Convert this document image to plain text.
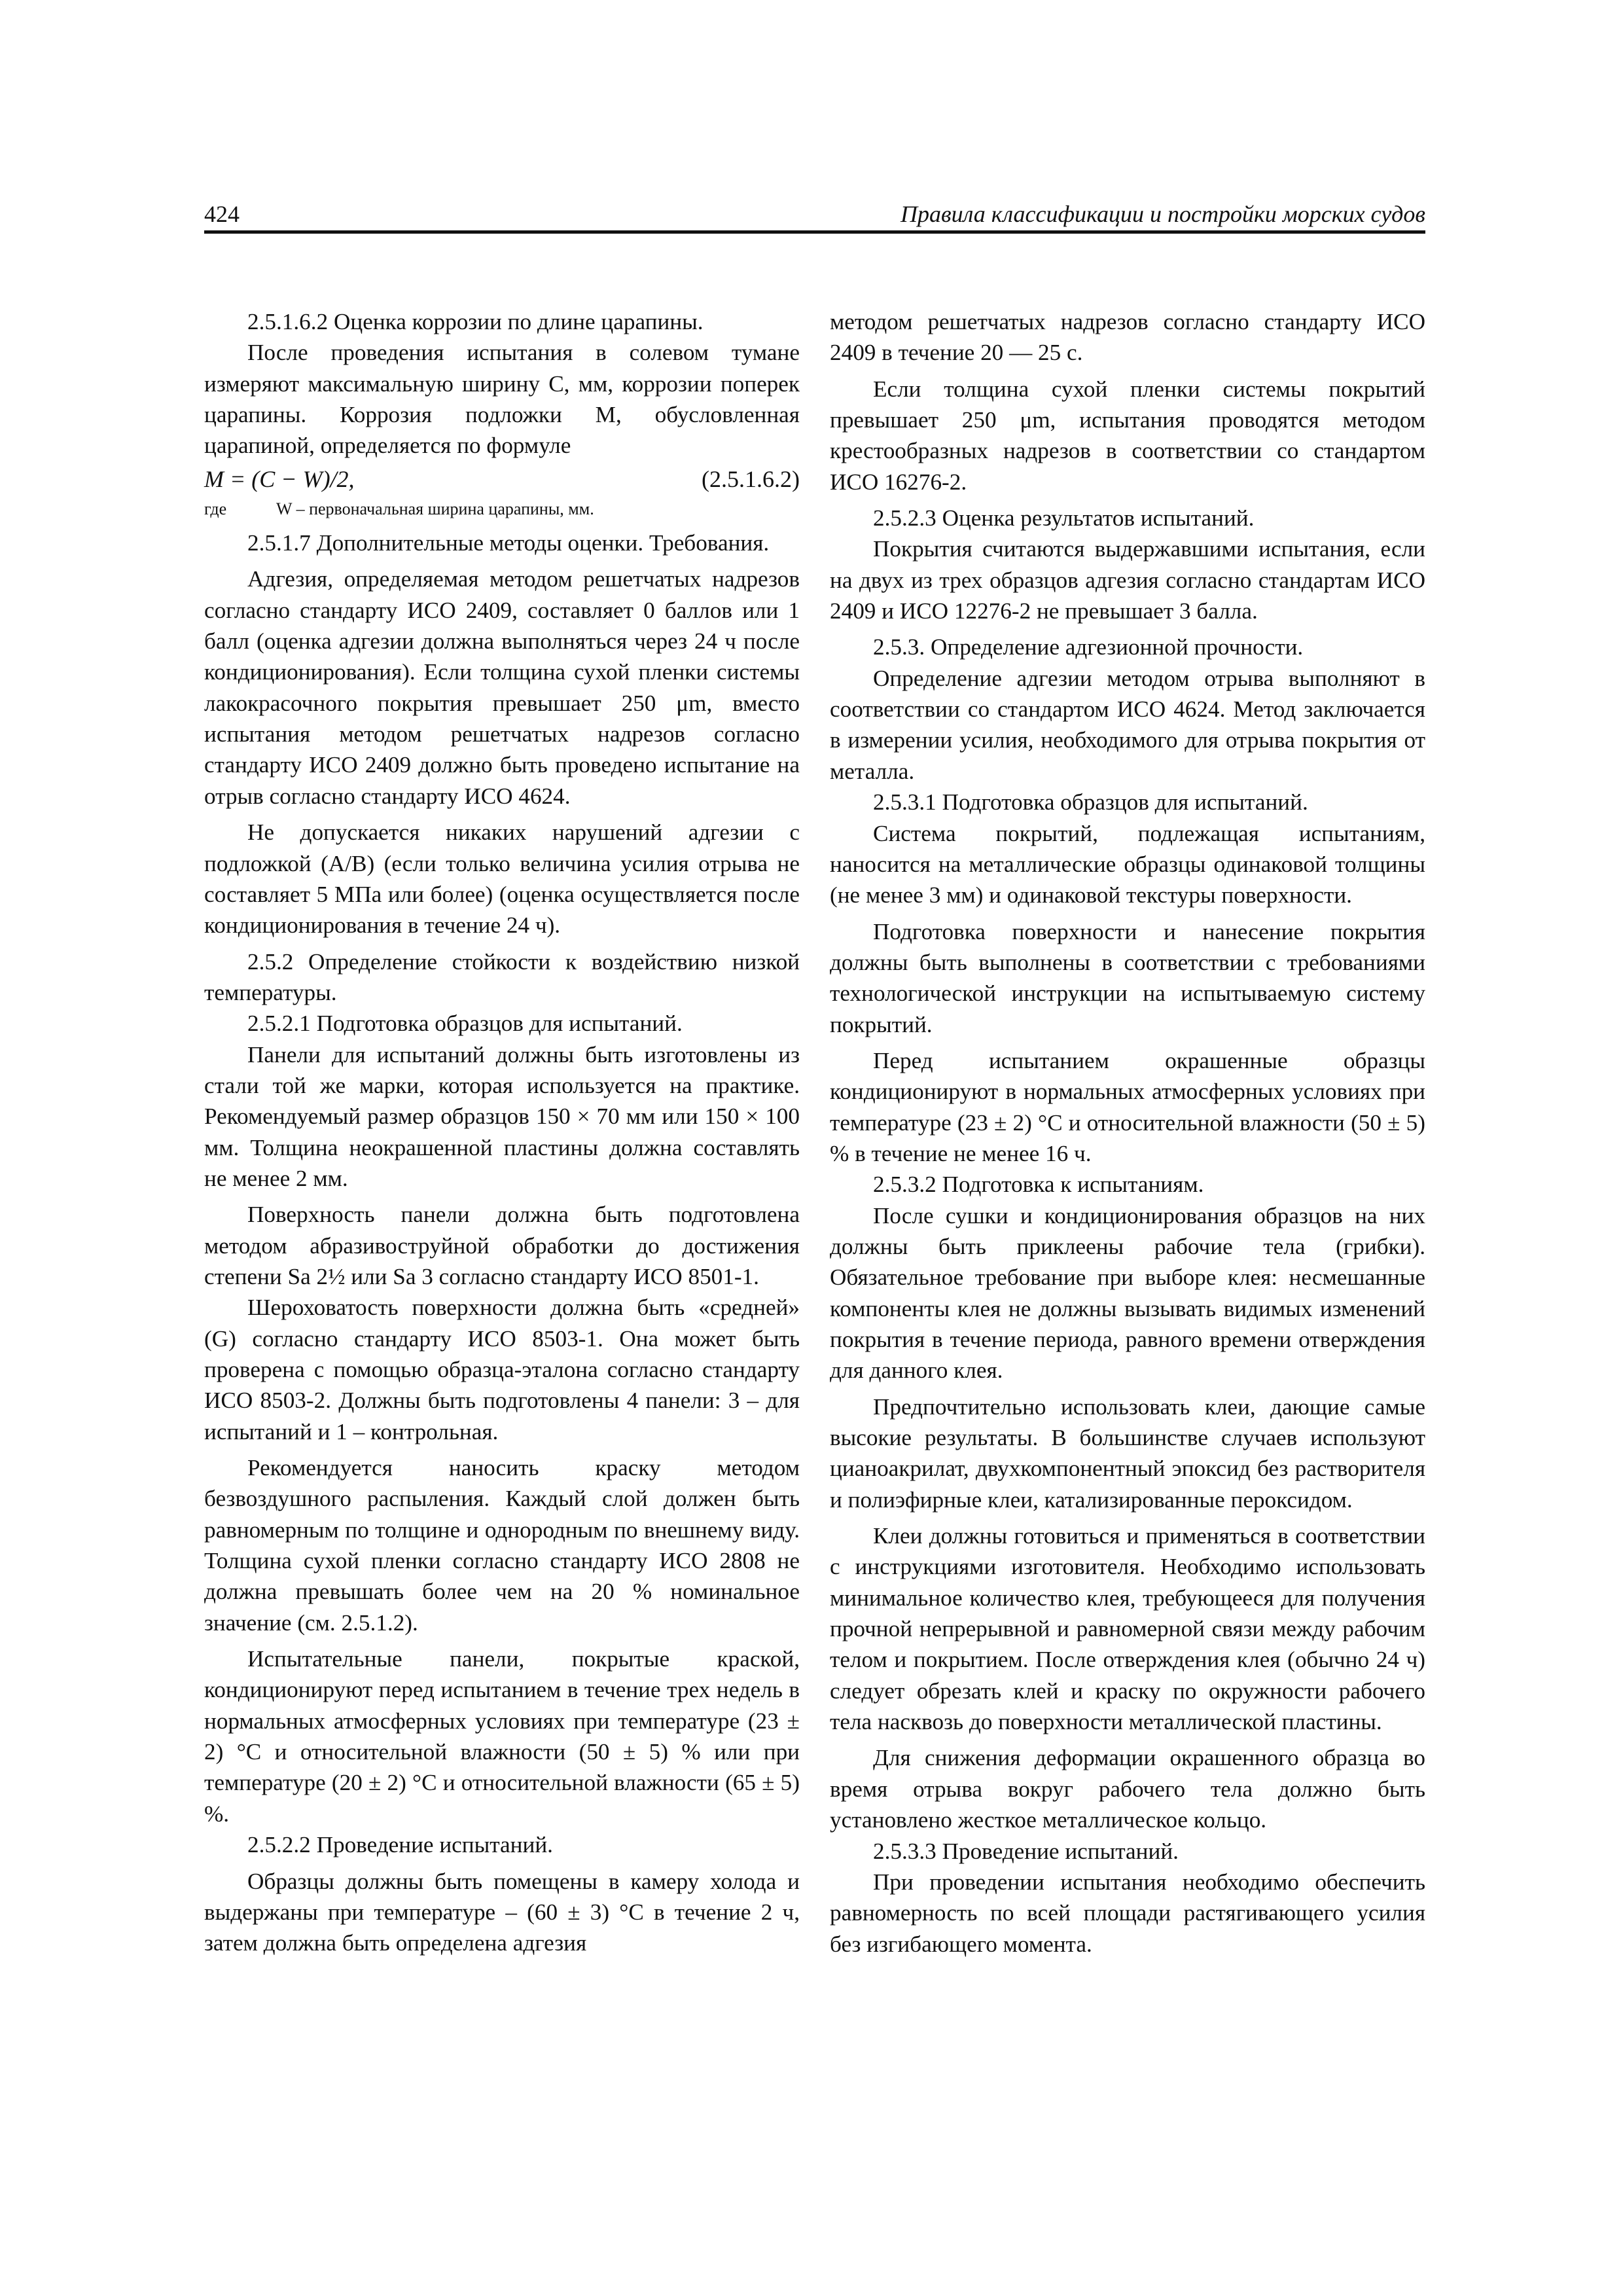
424	Правила классификации и постройки морских судов

2.5.1.6.2 Оценка коррозии по длине царапины.

После проведения испытания в солевом тумане измеряют максимальную ширину C, мм, коррозии поперек царапины. Коррозия подложки M, обусловленная царапиной, определяется по формуле

M = (C − W)/2,	(2.5.1.6.2)
где	W – первоначальная ширина царапины, мм.

2.5.1.7 Дополнительные методы оценки. Требования.

Адгезия, определяемая методом решетчатых надрезов согласно стандарту ИСО 2409, составляет 0 баллов или 1 балл (оценка адгезии должна выполняться через 24 ч после кондиционирования). Если толщина сухой пленки системы лакокрасочного покрытия превышает 250 μm, вместо испытания методом решетчатых надрезов согласно стандарту ИСО 2409 должно быть проведено испытание на отрыв согласно стандарту ИСО 4624.

Не допускается никаких нарушений адгезии с подложкой (A/B) (если только величина усилия отрыва не составляет 5 МПа или более) (оценка осуществляется после кондиционирования в течение 24 ч).

2.5.2 Определение стойкости к воздействию низкой температуры.

2.5.2.1 Подготовка образцов для испытаний.

Панели для испытаний должны быть изготовлены из стали той же марки, которая используется на практике. Рекомендуемый размер образцов 150 × 70 мм или 150 × 100 мм. Толщина неокрашенной пластины должна составлять не менее 2 мм.

Поверхность панели должна быть подготовлена методом абразивоструйной обработки до достижения степени Sa 2½ или Sa 3 согласно стандарту ИСО 8501-1.

Шероховатость поверхности должна быть «средней» (G) согласно стандарту ИСО 8503-1. Она может быть проверена с помощью образца-эталона согласно стандарту ИСО 8503-2. Должны быть подготовлены 4 панели: 3 – для испытаний и 1 – контрольная.

Рекомендуется наносить краску методом безвоздушного распыления. Каждый слой должен быть равномерным по толщине и однородным по внешнему виду. Толщина сухой пленки согласно стандарту ИСО 2808 не должна превышать более чем на 20 % номинальное значение (см. 2.5.1.2).

Испытательные панели, покрытые краской, кондиционируют перед испытанием в течение трех недель в нормальных атмосферных условиях при температуре (23 ± 2) °C и относительной влажности (50 ± 5) % или при температуре (20 ± 2) °C и относительной влажности (65 ± 5) %.

2.5.2.2 Проведение испытаний.

Образцы должны быть помещены в камеру холода и выдержаны при температуре – (60 ± 3) °C в течение 2 ч, затем должна быть определена адгезия

методом решетчатых надрезов согласно стандарту ИСО 2409 в течение 20 — 25 с.

Если толщина сухой пленки системы покрытий превышает 250 μm, испытания проводятся методом крестообразных надрезов в соответствии со стандартом ИСО 16276-2.

2.5.2.3 Оценка результатов испытаний.

Покрытия считаются выдержавшими испытания, если на двух из трех образцов адгезия согласно стандартам ИСО 2409 и ИСО 12276-2 не превышает 3 балла.

2.5.3. Определение адгезионной прочности.

Определение адгезии методом отрыва выполняют в соответствии со стандартом ИСО 4624. Метод заключается в измерении усилия, необходимого для отрыва покрытия от металла.

2.5.3.1 Подготовка образцов для испытаний.

Система покрытий, подлежащая испытаниям, наносится на металлические образцы одинаковой толщины (не менее 3 мм) и одинаковой текстуры поверхности.

Подготовка поверхности и нанесение покрытия должны быть выполнены в соответствии с требованиями технологической инструкции на испытываемую систему покрытий.

Перед испытанием окрашенные образцы кондиционируют в нормальных атмосферных условиях при температуре (23 ± 2) °C и относительной влажности (50 ± 5) % в течение не менее 16 ч.

2.5.3.2 Подготовка к испытаниям.

После сушки и кондиционирования образцов на них должны быть приклеены рабочие тела (грибки). Обязательное требование при выборе клея: несмешанные компоненты клея не должны вызывать видимых изменений покрытия в течение периода, равного времени отверждения для данного клея.

Предпочтительно использовать клеи, дающие самые высокие результаты. В большинстве случаев используют цианоакрилат, двухкомпонентный эпоксид без растворителя и полиэфирные клеи, катализированные пероксидом.

Клеи должны готовиться и применяться в соответствии с инструкциями изготовителя. Необходимо использовать минимальное количество клея, требующееся для получения прочной непрерывной и равномерной связи между рабочим телом и покрытием. После отверждения клея (обычно 24 ч) следует обрезать клей и краску по окружности рабочего тела насквозь до поверхности металлической пластины.

Для снижения деформации окрашенного образца во время отрыва вокруг рабочего тела должно быть установлено жесткое металлическое кольцо.

2.5.3.3 Проведение испытаний.

При проведении испытания необходимо обеспечить равномерность по всей площади растягивающего усилия без изгибающего момента.
